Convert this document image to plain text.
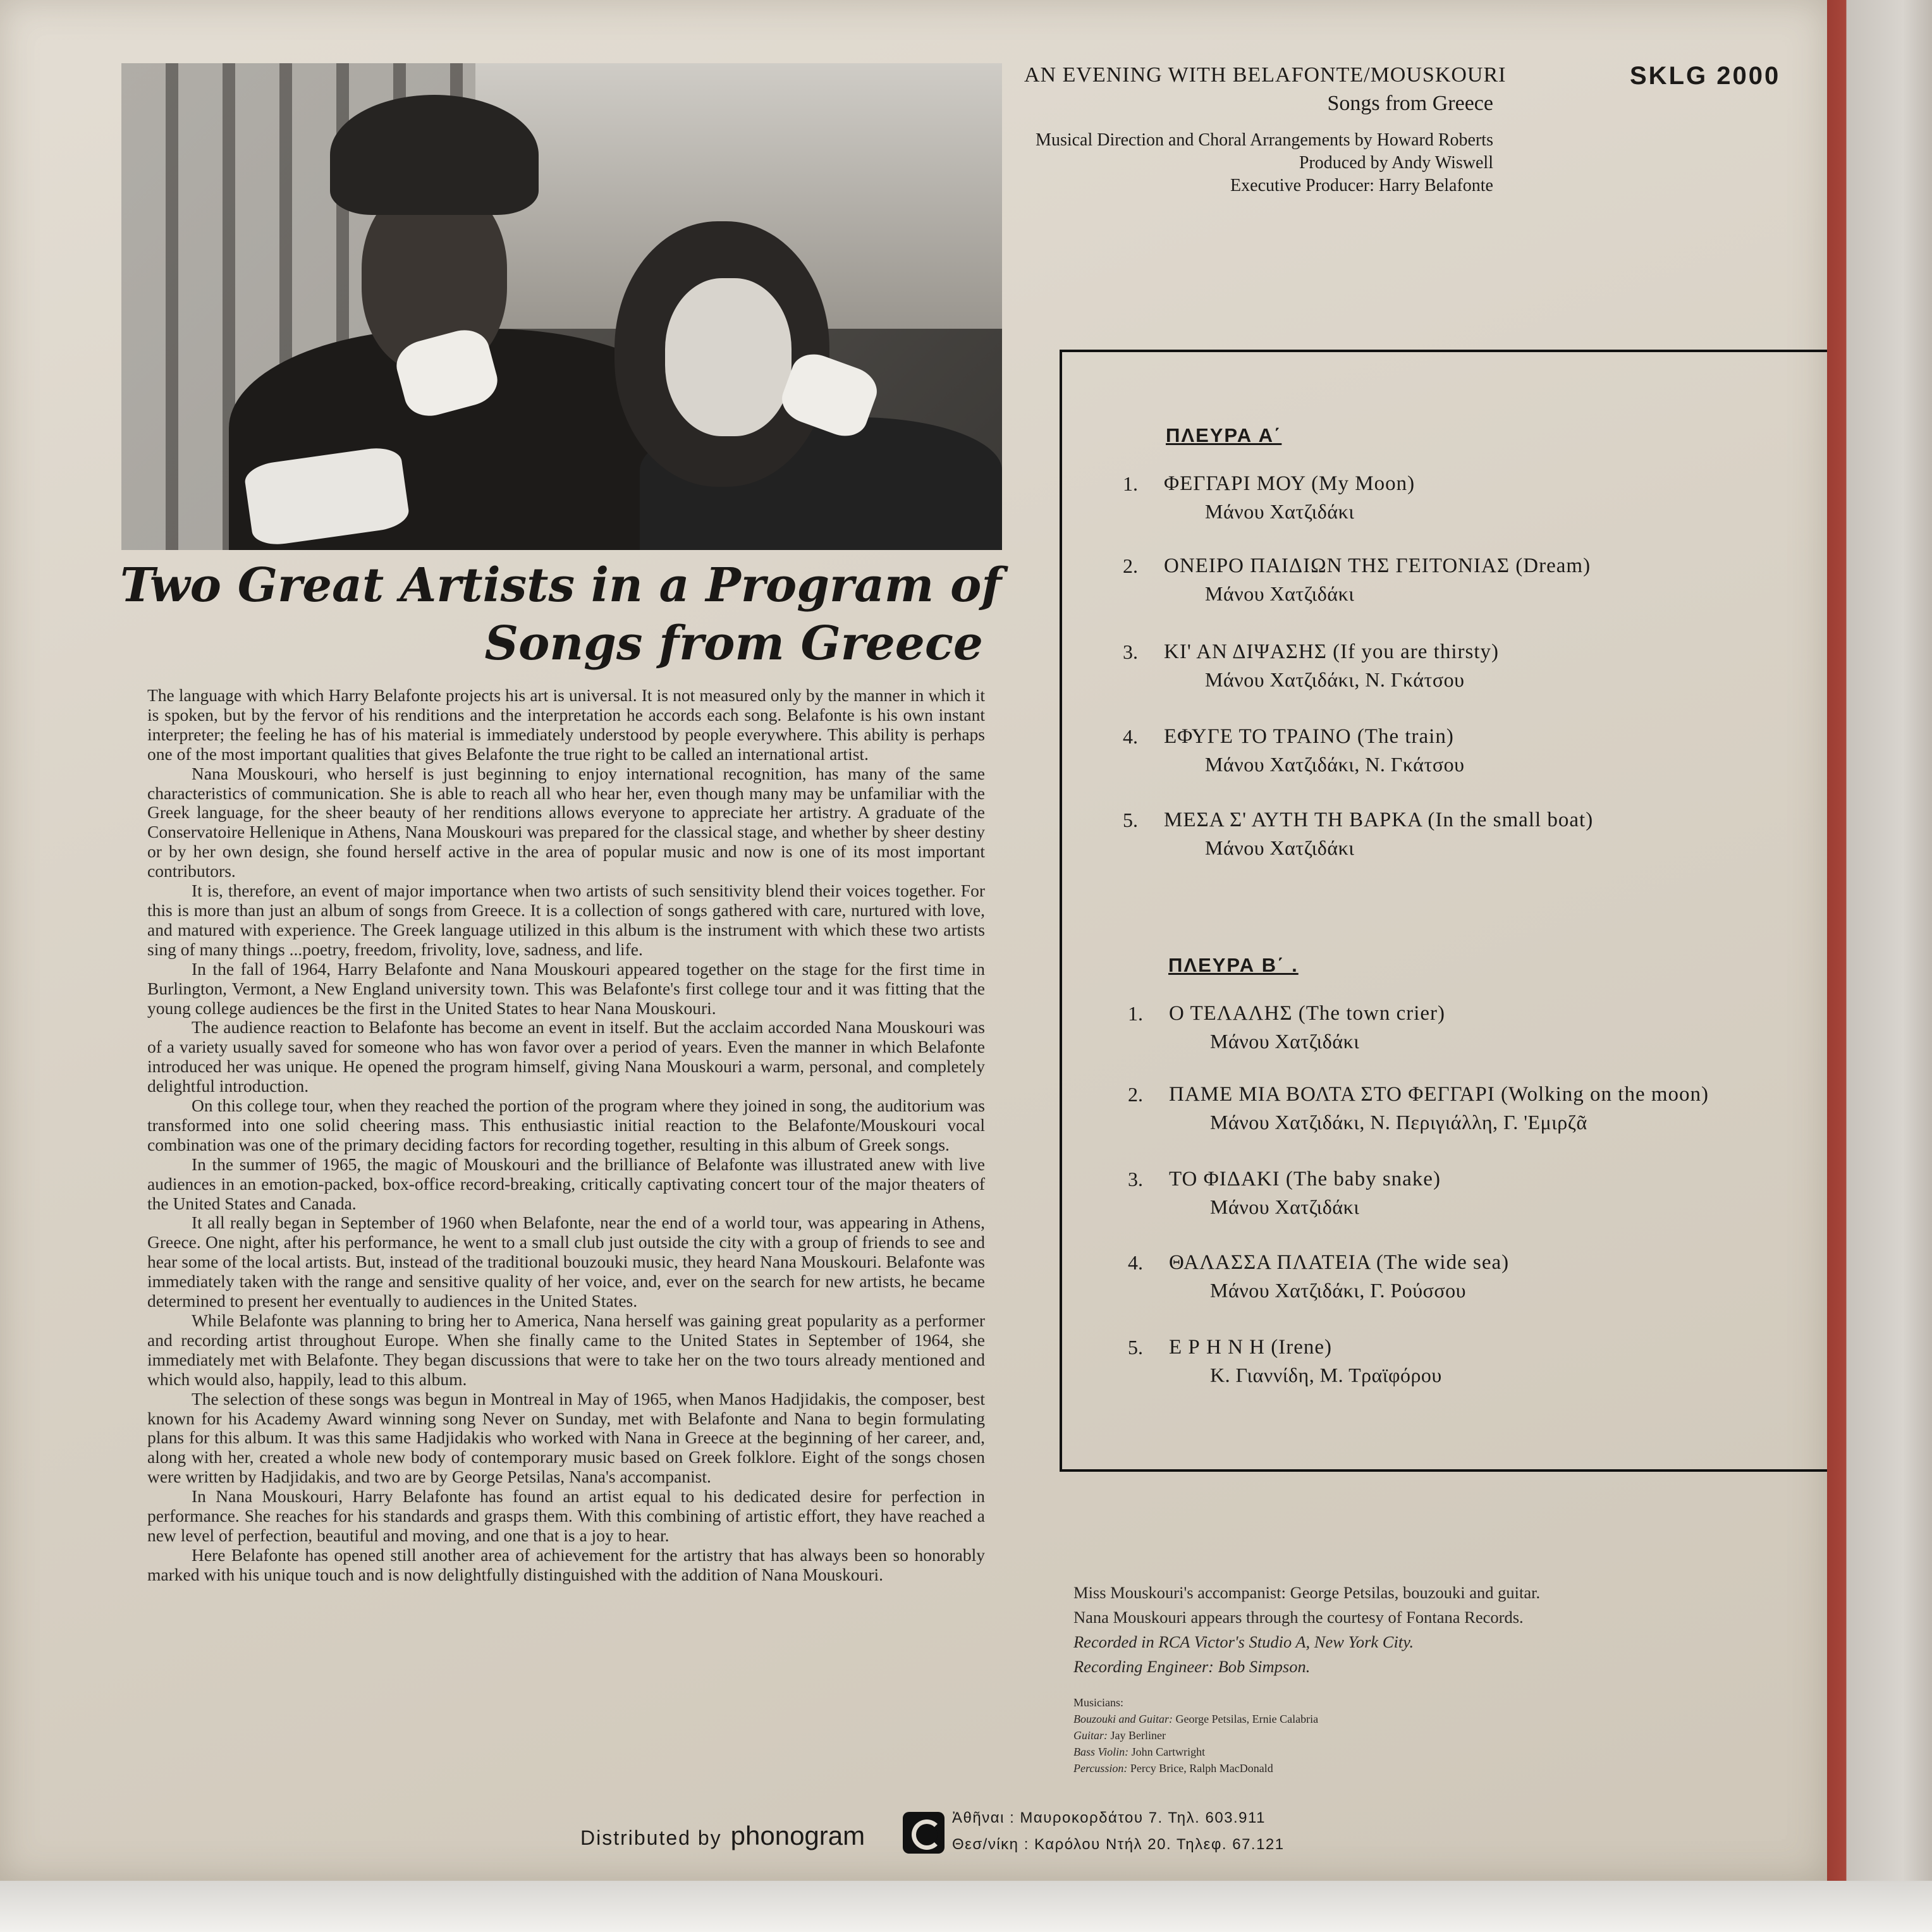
Two Great Artists in a Program of
Songs from Greece

The language with which Harry Belafonte projects his art is universal. It is not measured only by the manner in which it is spoken, but by the fervor of his renditions and the interpretation he accords each song. Belafonte is his own instant interpreter; the feeling he has of his material is immediately understood by people everywhere. This ability is perhaps one of the most important qualities that gives Belafonte the true right to be called an international artist.

Nana Mouskouri, who herself is just beginning to enjoy international recognition, has many of the same characteristics of communication. She is able to reach all who hear her, even though many may be unfamiliar with the Greek language, for the sheer beauty of her renditions allows everyone to appreciate her artistry. A graduate of the Conservatoire Hellenique in Athens, Nana Mouskouri was prepared for the classical stage, and whether by sheer destiny or by her own design, she found herself active in the area of popular music and now is one of its most important contributors.

It is, therefore, an event of major importance when two artists of such sensitivity blend their voices together. For this is more than just an album of songs from Greece. It is a collection of songs gathered with care, nurtured with love, and matured with experience. The Greek language utilized in this album is the instrument with which these two artists sing of many things ...poetry, freedom, frivolity, love, sadness, and life.

In the fall of 1964, Harry Belafonte and Nana Mouskouri appeared together on the stage for the first time in Burlington, Vermont, a New England university town. This was Belafonte's first college tour and it was fitting that the young college audiences be the first in the United States to hear Nana Mouskouri.

The audience reaction to Belafonte has become an event in itself. But the acclaim accorded Nana Mouskouri was of a variety usually saved for someone who has won favor over a period of years. Even the manner in which Belafonte introduced her was unique. He opened the program himself, giving Nana Mouskouri a warm, personal, and completely delightful introduction.

On this college tour, when they reached the portion of the program where they joined in song, the auditorium was transformed into one solid cheering mass. This enthusiastic initial reaction to the Belafonte/Mouskouri vocal combination was one of the primary deciding factors for recording together, resulting in this album of Greek songs.

In the summer of 1965, the magic of Mouskouri and the brilliance of Belafonte was illustrated anew with live audiences in an emotion-packed, box-office record-breaking, critically captivating concert tour of the major theaters of the United States and Canada.

It all really began in September of 1960 when Belafonte, near the end of a world tour, was appearing in Athens, Greece. One night, after his performance, he went to a small club just outside the city with a group of friends to see and hear some of the local artists. But, instead of the traditional bouzouki music, they heard Nana Mouskouri. Belafonte was immediately taken with the range and sensitive quality of her voice, and, ever on the search for new artists, he became determined to present her eventually to audiences in the United States.

While Belafonte was planning to bring her to America, Nana herself was gaining great popularity as a performer and recording artist throughout Europe. When she finally came to the United States in September of 1964, she immediately met with Belafonte. They began discussions that were to take her on the two tours already mentioned and which would also, happily, lead to this album.

The selection of these songs was begun in Montreal in May of 1965, when Manos Hadjidakis, the composer, best known for his Academy Award winning song Never on Sunday, met with Belafonte and Nana to begin formulating plans for this album. It was this same Hadjidakis who worked with Nana in Greece at the beginning of her career, and, along with her, created a whole new body of contemporary music based on Greek folklore. Eight of the songs chosen were written by Hadjidakis, and two are by George Petsilas, Nana's accompanist.

In Nana Mouskouri, Harry Belafonte has found an artist equal to his dedicated desire for perfection in performance. She reaches for his standards and grasps them. With this combining of artistic effort, they have reached a new level of perfection, beautiful and moving, and one that is a joy to hear.

Here Belafonte has opened still another area of achievement for the artistry that has always been so honorably marked with his unique touch and is now delightfully distinguished with the addition of Nana Mouskouri.

AN EVENING WITH BELAFONTE/MOUSKOURI	SKLG 2000
Songs from Greece
Musical Direction and Choral Arrangements by Howard Roberts
Produced by Andy Wiswell
Executive Producer: Harry Belafonte
ΠΛΕΥΡΑ Α΄
1. ΦΕΓΓΑΡΙ ΜΟΥ (My Moon)
Μάνου Χατζιδάκι
2. ΟΝΕΙΡΟ ΠΑΙΔΙΩΝ ΤΗΣ ΓΕΙΤΟΝΙΑΣ (Dream)
Μάνου Χατζιδάκι
3. ΚΙ' ΑΝ ΔΙΨΑΣΗΣ (If you are thirsty)
Μάνου Χατζιδάκι, Ν. Γκάτσου
4. ΕΦΥΓΕ ΤΟ ΤΡΑΙΝΟ (The train)
Μάνου Χατζιδάκι, Ν. Γκάτσου
5. ΜΕΣΑ Σ' ΑΥΤΗ ΤΗ ΒΑΡΚΑ (In the small boat)
Μάνου Χατζιδάκι
ΠΛΕΥΡΑ Β΄ .
1. Ο ΤΕΛΑΛΗΣ (The town crier)
Μάνου Χατζιδάκι
2. ΠΑΜΕ ΜΙΑ ΒΟΛΤΑ ΣΤΟ ΦΕΓΓΑΡΙ (Wolking on the moon)
Μάνου Χατζιδάκι, Ν. Περιγιάλλη, Γ. 'Εμιρζᾶ
3. ΤΟ ΦΙΔΑΚΙ (The baby snake)
Μάνου Χατζιδάκι
4. ΘΑΛΑΣΣΑ ΠΛΑΤΕΙΑ (The wide sea)
Μάνου Χατζιδάκι, Γ. Ρούσσου
5. Ε Ρ Η Ν Η (Irene)
Κ. Γιαννίδη, Μ. Τραϊφόρου
Miss Mouskouri's accompanist: George Petsilas, bouzouki and guitar.
Nana Mouskouri appears through the courtesy of Fontana Records.
Recorded in RCA Victor's Studio A, New York City.
Recording Engineer: Bob Simpson.
Musicians:
Bouzouki and Guitar: George Petsilas, Ernie Calabria
Guitar: Jay Berliner
Bass Violin: John Cartwright
Percussion: Percy Brice, Ralph MacDonald
Distributed by phonogram
Ἀθῆναι : Μαυροκορδάτου 7. Τηλ. 603.911
Θεσ/νίκη : Καρόλου Ντήλ 20. Τηλεφ. 67.121
